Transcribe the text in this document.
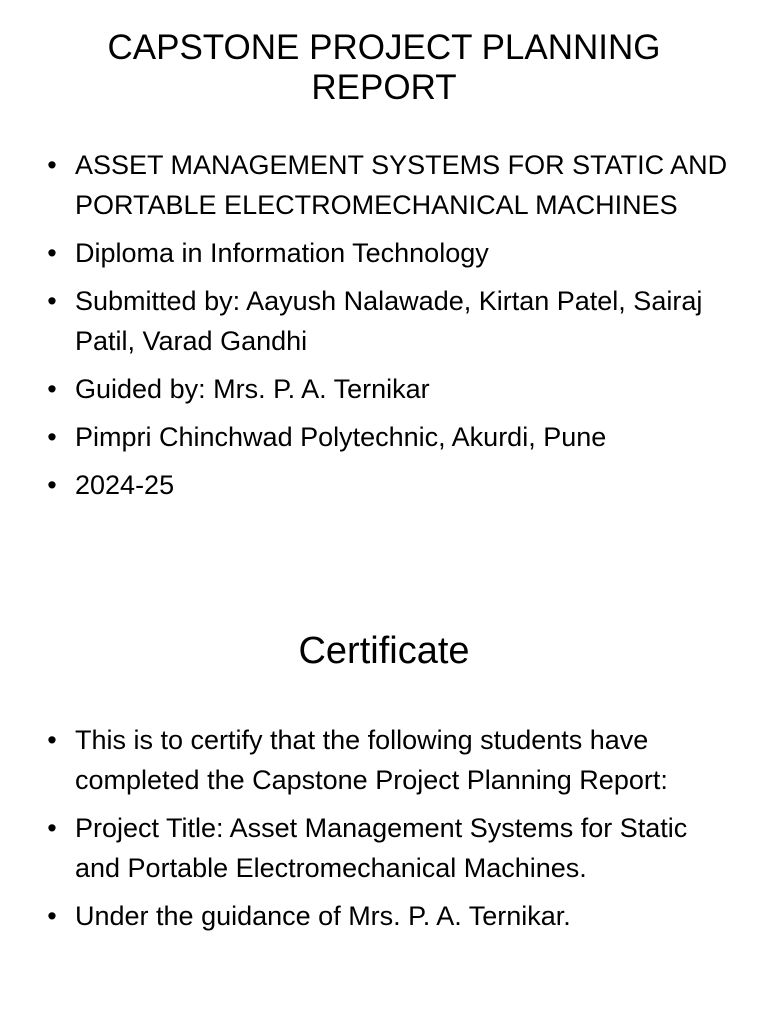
CAPSTONE PROJECT PLANNING REPORT
• ASSET MANAGEMENT SYSTEMS FOR STATIC AND PORTABLE ELECTROMECHANICAL MACHINES
• Diploma in Information Technology
• Submitted by: Aayush Nalawade, Kirtan Patel, Sairaj Patil, Varad Gandhi
• Guided by: Mrs. P. A. Ternikar
• Pimpri Chinchwad Polytechnic, Akurdi, Pune
• 2024-25
Certificate
• This is to certify that the following students have completed the Capstone Project Planning Report:
• Project Title: Asset Management Systems for Static and Portable Electromechanical Machines.
• Under the guidance of Mrs. P. A. Ternikar.
